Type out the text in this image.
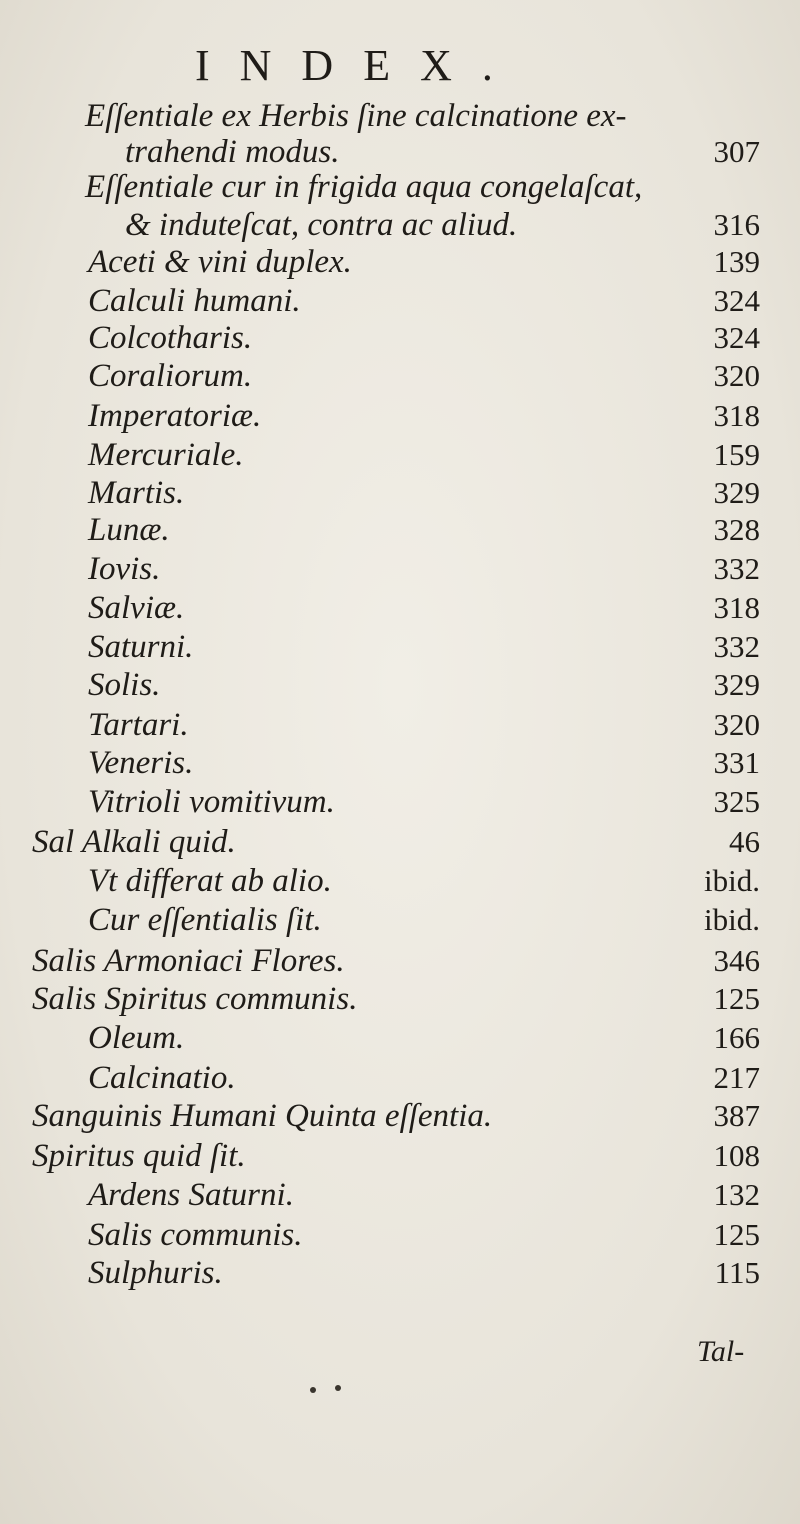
INDEX.
Eſſentiale ex Herbis ſine calcinatione ex-
trahendi modus.	307
Eſſentiale cur in frigida aqua congelaſcat,
& induteſcat, contra ac aliud.	316
Aceti & vini duplex.	139
Calculi humani.	324
Colcotharis.	324
Coraliorum.	320
Imperatoriæ.	318
Mercuriale.	159
Martis.	329
Lunæ.	328
Iovis.	332
Salviæ.	318
Saturni.	332
Solis.	329
Tartari.	320
Veneris.	331
Vitrioli vomitivum.	325
Sal Alkali quid.	46
Vt differat ab alio.	ibid.
Cur eſſentialis ſit.	ibid.
Salis Armoniaci Flores.	346
Salis Spiritus communis.	125
Oleum.	166
Calcinatio.	217
Sanguinis Humani Quinta eſſentia.	387
Spiritus quid ſit.	108
Ardens Saturni.	132
Salis communis.	125
Sulphuris.	115
Tal-
